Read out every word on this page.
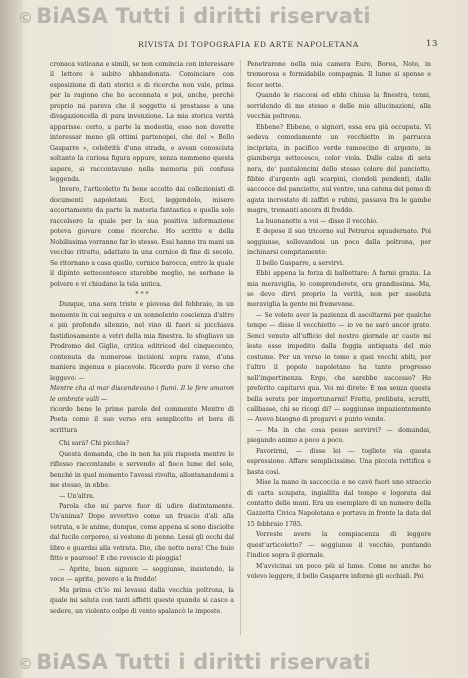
© BiASA Tutti i diritti riservati
RIVISTA DI TOPOGRAFIA ED ARTE NAPOLETANA	13

cronaca vaticana e simili, se non comincia con interessare il lettore è subito abbandonata. Cominciare con esposizione di dati storici e di ricerche non vale, prima per la ragione che ho accennata e poi, anche, perchè proprio mi pareva che il soggetto si prestasse a una divagazioncella di pura invenzione. La mia storica verità apparisse: certo, a parte la modestia, esso non dovette interessar meno gli ottimi partenopei, che del » Bello Gasparre », celebrità d'una strada, o avean conosciuta soltanto la curiosa figura oppure, senza nemmeno questa sapere, si raccontavano nella memoria più confusa leggenda.

Invero, l'articoletto fu bene accolto dai collezionisti di documenti napoletani. Ecci, leggendolo, misero accortamente da parte la materia fantastica e quella solo raccolsero la quale per la sua positiva informazione poteva giovare come ricerche. Ho scritto e della Nobilissima vorranno far lo stesso. Essi hanno tra mani un vecchio ritratto, adattato in una cornice di fine di secolo. Se ritornano a casa quello, cornice barocca, entro la quale il dipinto settecentesco starebbe meglio, ne serbano la polvere e vi chiudano la tela antica.

* * *

Dunque, una sera triste e piovosa del febbraio, in un momento in cui seguiva e un sonnolento coscienza d'altro e più profondo silenzio, nel vino di fuori si picchiava fastidiosamente a vetri della mia finestra. Io sfogliavo un Prodromo del Giglio, critica editriced del cinquecento, contenuta da numerose incisioni sopra rame, d'una maniera ingenua e piacevole. Ricordo pure il verso che leggevo: —

Mentre cha al mar discendevano i fiumi. Il le fere amaron le ombrate valli —

ricordo bene le prime parole del commento Mentre di Poeta come il suo verso era semplicetto et bora di scrittura

Chi sarà? Chi picchia?

Questa domanda, che in non ha più risposta mentre lo riflesso raccontando e servendo al fioco lume del sole, benchè in quel momento l'avessi rivolta, allontanandomi a me stesso, in ebbe.

— Un'altra.

Parola che mi parve fuor di udire distintamente. Un'anima? Dopo avvertivo come un fruscio d'ali alla vetrata, e le anime, dunque, come appena si sono disciolte dal fucile corporeo, si vestono di penne. Lessi gli occhi dal libro e guardai alla vetrata. Dio, che notte nera! Che buio fitto e pauroso! E che rovescio di pioggia!

— Aprite, buon signore — soggiunse, insistendo, la voce — aprite, povero e la freddo!

Ma prima ch'io mi levassi dalla vecchia poltrona, la quale mi saluta con tanti affetti queste quando si casco a sedere, un violento colpo di vento spalancò le imposte.

Penetrarono nella mia camera Euro, Borea, Noto, in tremorosa e formidabile compagnia. Il lume si spense e fecer notte.

Quando le riaccesi ed ebbi chiusa la finestra, tenni, sorridendo di me stesso e delle mie allucinazioni, alla vecchia poltrona.

Ebbene? Ebbene, o signori, essa era già occupata. Vi sedeva comodamente un vecchietto in parrucca incipriata, in pacifico verde ramoscino di argento, in giamberga settecesco, color viola. Dalle calze di seta nera, de' pantaloncini dello stesso colore del panciotto, fibbie d'argento agli scarpini, ciondoli pendenti, dalle saccocce del panciotto, sul ventre, una catena del pomo di agata incrostato di zaffiri e rubini, passava fra le gambe magre, tremanti ancora di freddo.

La buonanotte a voi — disse il vecchio.

E depose il suo tricorno sul Petrarca squadernato. Poi soggiunse, sollevandosi un poco dalla poltrona, per inchinarsi compitamente:

Il bello Gasparre, a servirvi.

Ebbi appena la forza di balbettare: A farmi grazia. La mia meraviglia, lo comprenderete, era grandissima. Ma, se devo dirvi proprio la verità, non per assoluta meraviglia la gente mi fremevane.

— Se volete aver la pazienza di ascoltarmi per qualche tempo — disse il vecchietto — io ve ne sarò ancor grato. Senci venuto all'ufficio del nostro giornale ar cauto mi leste esse impedito dalla foggia antiquata del mio costume. Per un verso io temo a quei vecchi abiti, per l'altro il popolo napoletano ha tanto progresso nell'impertinenza. Ergo, che sarebbe successo? Ho preferito capitarvi qua. Voi mi direte: E ma senza questa bella serata per importunarmi! Fretta, prelibata, scrutti, callbasse, chi se ricogi di? — soggiunse impazientemente — Avevo bisogno di pregarvi e punto vendo.

— Ma in che cosa posso servirvi? — domandai, piegando animo a poco a poco.

Favorirmi, — disse lei — togliete via questa espressione. Affare semplicissimo. Una piccola rettifica e basta così.

Mise la mano in saccoccia e ne cavò fuori uno straccio di carta sciupata, ingiallita dal tempo e logorata dal contatto delle mani. Era un esemplare di un numero della Gazzetta Civica Napoletana e portava in fronte la data del 15 febbraio 1785.

Vorreste avere la compiacenza di leggere quest'articoletto? — soggiunse il vecchio, puntando l'indice sopra il giornale.

M'avvicinai un poco più al lume. Come ne anche ho volevo leggere, il bello Gasparre infornò gli occhiali. Poi

© BiASA Tutti i diritti riservati
